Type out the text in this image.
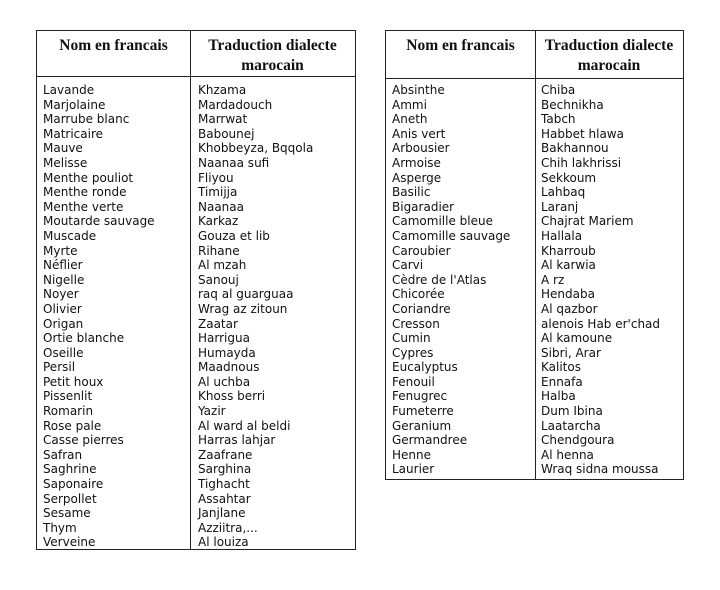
Nom en francais	Traduction dialecte marocain
Lavande
Marjolaine
Marrube blanc
Matricaire
Mauve
Melisse
Menthe pouliot
Menthe ronde
Menthe verte
Moutarde sauvage
Muscade
Myrte
Néflier
Nigelle
Noyer
Olivier
Origan
Ortie blanche
Oseille
Persil
Petit houx
Pissenlit
Romarin
Rose pale
Casse pierres
Safran
Saghrine
Saponaire
Serpollet
Sesame
Thym
Verveine
Khzama
Mardadouch
Marrwat
Babounej
Khobbeyza, Bqqola
Naanaa sufi
Fliyou
Timijja
Naanaa
Karkaz
Gouza et lib
Rihane
Al mzah
Sanouj
raq al guarguaa
Wrag az zitoun
Zaatar
Harrigua
Humayda
Maadnous
Al uchba
Khoss berri
Yazir
Al ward al beldi
Harras lahjar
Zaafrane
Sarghina
Tighacht
Assahtar
Janjlane
Azziitra,...
Al louiza
Nom en francais	Traduction dialecte marocain
Absinthe
Ammi
Aneth
Anis vert
Arbousier
Armoise
Asperge
Basilic
Bigaradier
Camomille bleue
Camomille sauvage
Caroubier
Carvi
Cèdre de l'Atlas
Chicorée
Coriandre
Cresson
Cumin
Cypres
Eucalyptus
Fenouil
Fenugrec
Fumeterre
Geranium
Germandree
Henne
Laurier
Chiba
Bechnikha
Tabch
Habbet hlawa
Bakhannou
Chih lakhrissi
Sekkoum
Lahbaq
Laranj
Chajrat Mariem
Hallala
Kharroub
Al karwia
A rz
Hendaba
Al qazbor
alenois Hab er'chad
Al kamoune
Sibri, Arar
Kalitos
Ennafa
Halba
Dum Ibina
Laatarcha
Chendgoura
Al henna
Wraq sidna moussa
